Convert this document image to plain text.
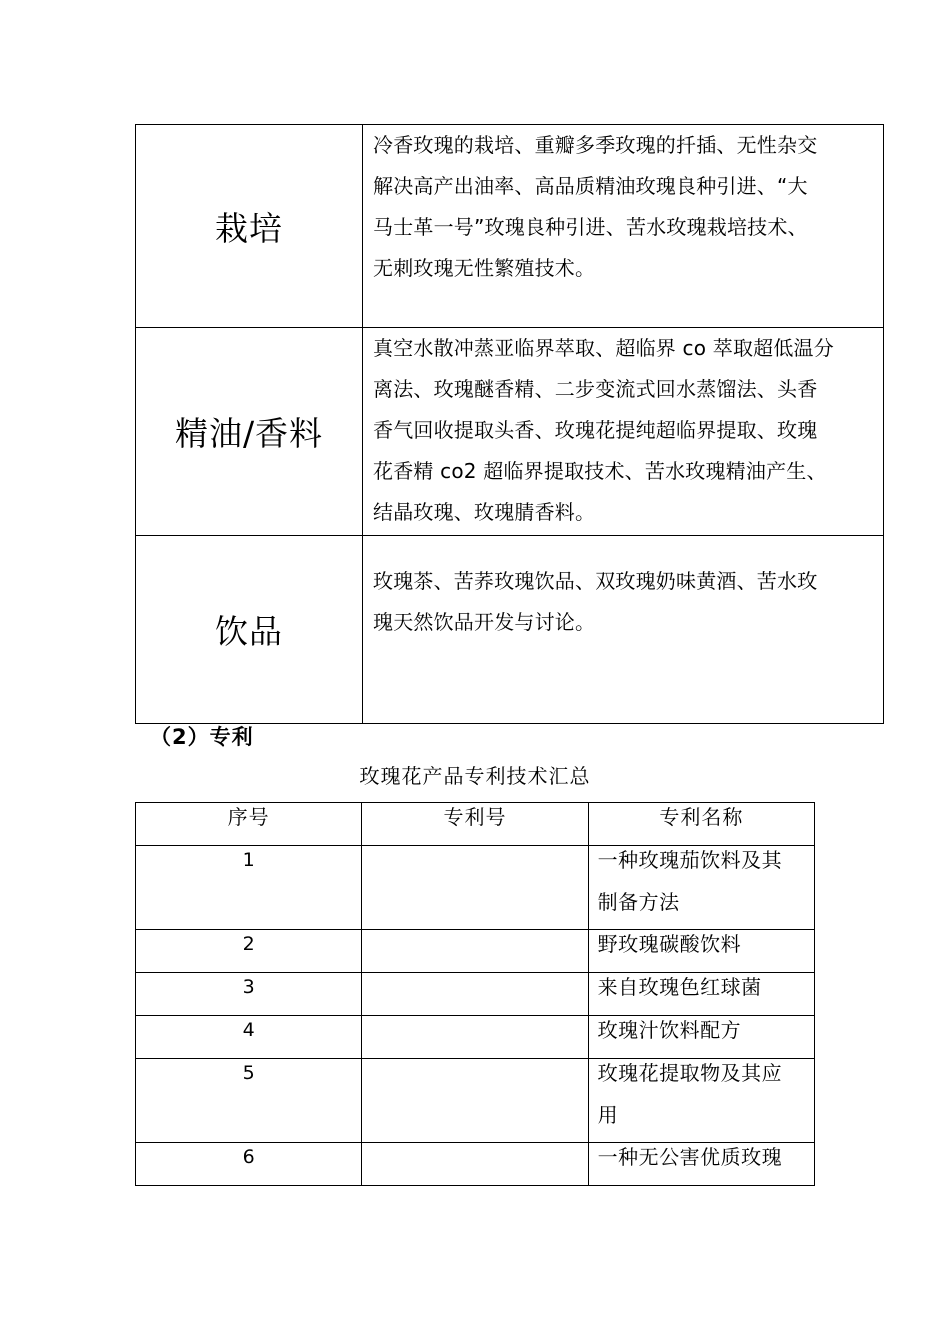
栽培	冷香玫瑰的栽培、重瓣多季玫瑰的扦插、无性杂交
解决高产出油率、高品质精油玫瑰良种引进、“大
马士革一号”玫瑰良种引进、苦水玫瑰栽培技术、
无刺玫瑰无性繁殖技术。

精油/香料	真空水散冲蒸亚临界萃取、超临界 co 萃取超低温分
离法、玫瑰醚香精、二步变流式回水蒸馏法、头香
香气回收提取头香、玫瑰花提纯超临界提取、玫瑰
花香精 co2 超临界提取技术、苦水玫瑰精油产生、
结晶玫瑰、玫瑰腈香料。

饮品	玫瑰茶、苦荞玫瑰饮品、双玫瑰奶味黄酒、苦水玫
瑰天然饮品开发与讨论。
（2）专利
玫瑰花产品专利技术汇总
序号	专利号	专利名称

1		一种玫瑰茄饮料及其
制备方法

2		野玫瑰碳酸饮料

3		来自玫瑰色红球菌

4		玫瑰汁饮料配方

5		玫瑰花提取物及其应
用

6		一种无公害优质玫瑰
